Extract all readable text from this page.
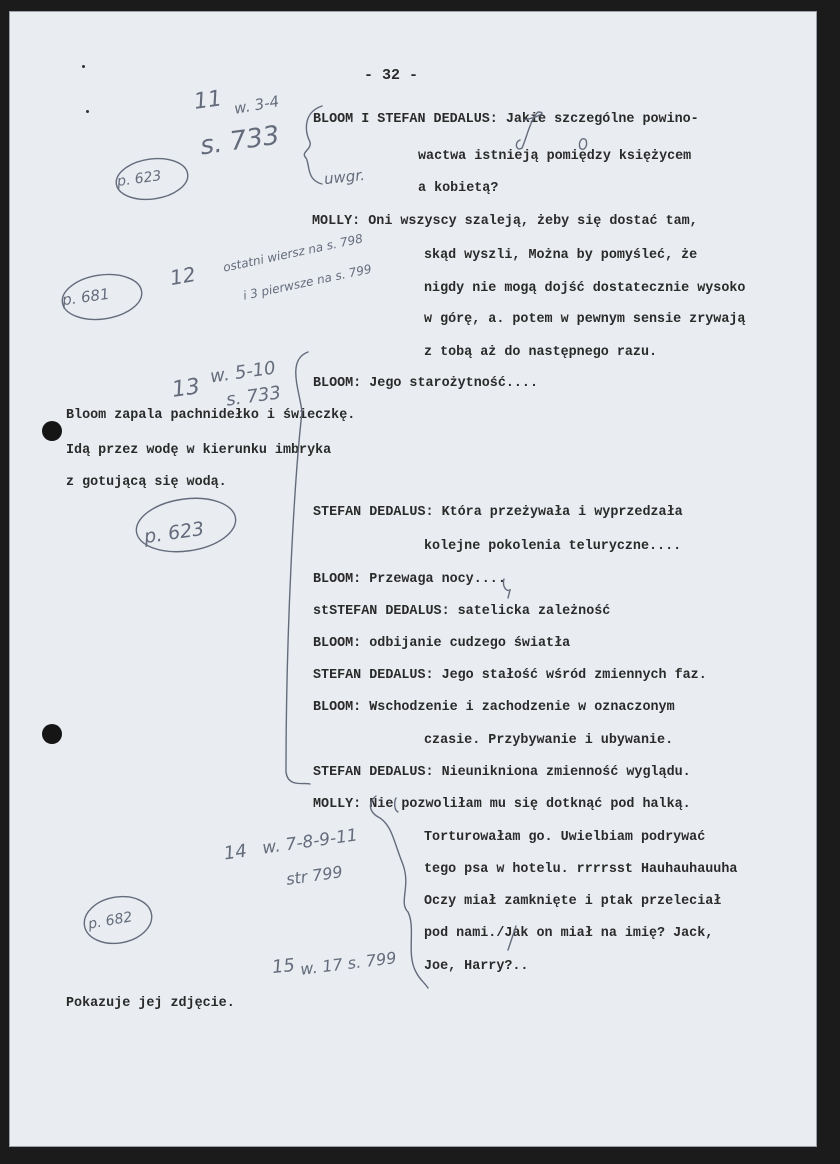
- 32 -
BLOOM I STEFAN DEDALUS: Jakie szczególne powino-
wactwa istnieją pomiędzy księżycem
a kobietą?
MOLLY: Oni wszyscy szaleją, żeby się dostać tam,
skąd wyszli, Można by pomyśleć, że
nigdy nie mogą dojść dostatecznie wysoko
w górę, a. potem w pewnym sensie zrywają
z tobą aż do następnego razu.
BLOOM: Jego starożytność....
Bloom zapala pachnidełko i świeczkę.
Idą przez wodę w kierunku imbryka
z gotującą się wodą.
STEFAN DEDALUS: Która przeżywała i wyprzedzała
kolejne pokolenia teluryczne....
BLOOM: Przewaga nocy....
stSTEFAN DEDALUS: satelicka zależność
BLOOM: odbijanie cudzego światła
STEFAN DEDALUS: Jego stałość wśród zmiennych faz.
BLOOM: Wschodzenie i zachodzenie w oznaczonym
czasie. Przybywanie i ubywanie.
STEFAN DEDALUS: Nieunikniona zmienność wyglądu.
MOLLY: Nie pozwoliłam mu się dotknąć pod halką.
Torturowałam go. Uwielbiam podrywać
tego psa w hotelu. rrrrsst Hauhauhauuha
Oczy miał zamknięte i ptak przeleciał
pod nami./Jak on miał na imię? Jack,
Joe, Harry?..
Pokazuje jej zdjęcie.
11 w. 3-4
s. 733
uwgr.
p. 623
12
ostatni wiersz na s. 798
i 3 pierwsze na s. 799
p. 681
13
w. 5-10
s. 733
p. 623
14 w. 7-8-9-11
str 799
p. 682
15 w. 17 s. 799
